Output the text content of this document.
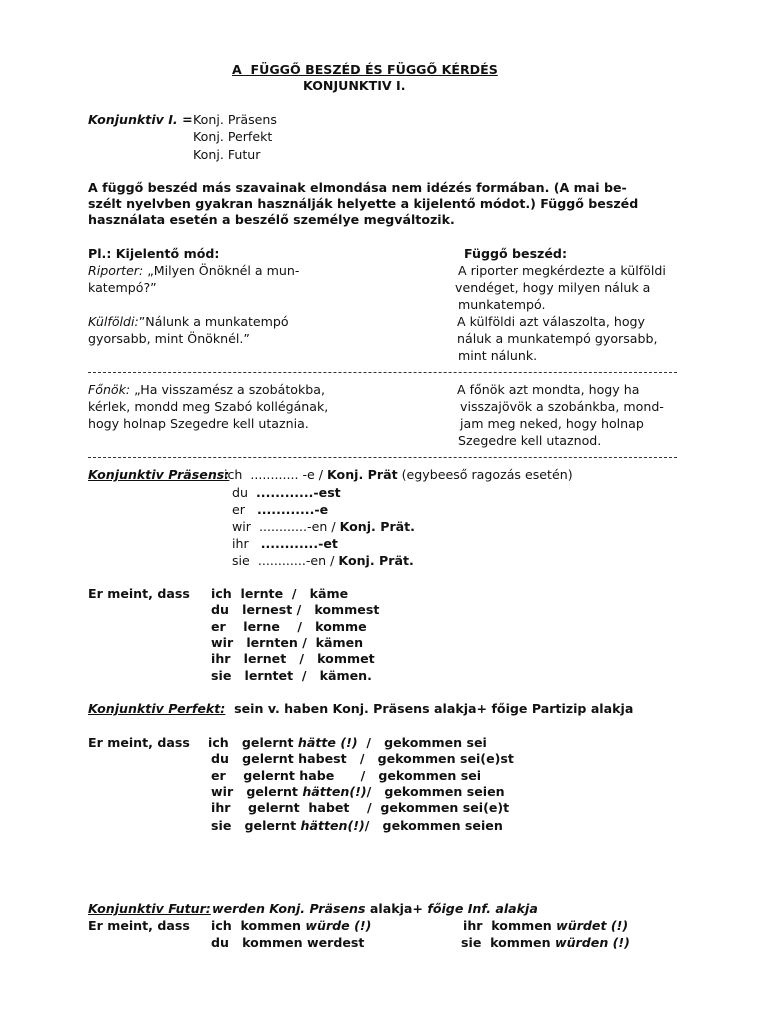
A  FÜGGŐ BESZÉD ÉS FÜGGŐ KÉRDÉS
KONJUNKTIV I.
Konjunktiv I. = Konj. Präsens
Konj. Perfekt
Konj. Futur
A függő beszéd más szavainak elmondása nem idézés formában. (A mai be-
szélt nyelvben gyakran használják helyette a kijelentő módot.) Függő beszéd
használata esetén a beszélő személye megváltozik.
Pl.: Kijelentő mód:	Függő beszéd:
Riporter: „Milyen Önöknél a mun-
katempó?”
A riporter megkérdezte a külföldi
vendéget, hogy milyen náluk a
munkatempó.
Külföldi:”Nálunk a munkatempó
gyorsabb, mint Önöknél.”
A külföldi azt válaszolta, hogy
náluk a munkatempó gyorsabb,
mint nálunk.
Főnök: „Ha visszamész a szobátokba,
kérlek, mondd meg Szabó kollégának,
hogy holnap Szegedre kell utaznia.
A főnök azt mondta, hogy ha
visszajövök a szobánkba, mond-
jam meg neked, hogy holnap
Szegedre kell utaznod.
Konjunktiv Präsens:
ich ............ -e / Konj. Prät (egybeeső ragozás esetén)
du ............-est
er ............-e
wir ............-en / Konj. Prät.
ihr ............-et
sie ............-en / Konj. Prät.
Er meint, dass ich  lernte  /   käme
du   lernest /   kommest
er    lerne    /   komme
wir   lernten /  kämen
ihr   lernet   /   kommet
sie   lerntet  /   kämen.
Konjunktiv Perfekt:  sein v. haben Konj. Präsens alakja+ főige Partizip alakja
Er meint, dass ich   gelernt hätte (!)  /   gekommen sei
du   gelernt habest   /   gekommen sei(e)st
er    gelernt habe      /   gekommen sei
wir   gelernt hätten(!)/   gekommen seien
ihr    gelernt  habet    /  gekommen sei(e)t
sie   gelernt hätten(!)/   gekommen seien
Konjunktiv Futur: werden Konj. Präsens alakja+ főige Inf. alakja
Er meint, dass ich  kommen würde (!)
du   kommen werdest
ihr  kommen würdet (!)
sie  kommen würden (!)
